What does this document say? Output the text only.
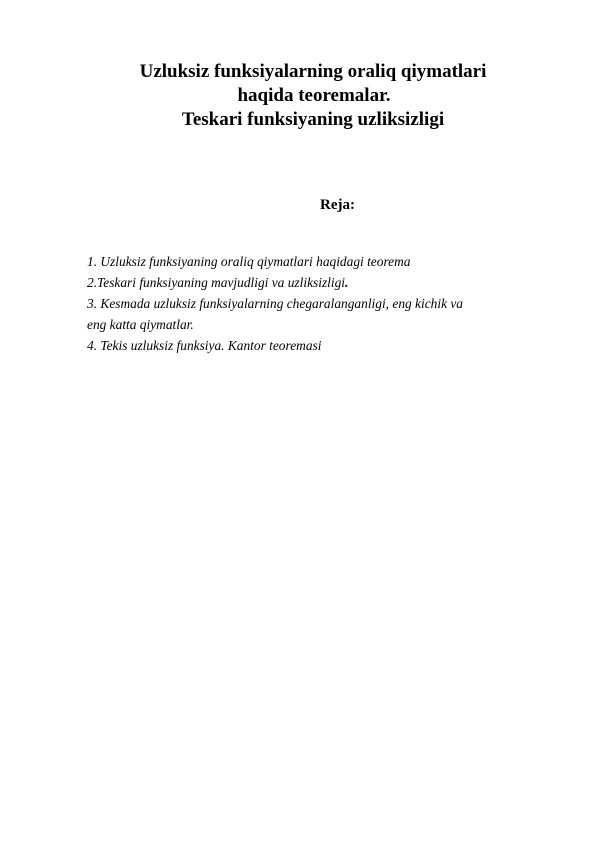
Uzluksiz funksiyalarning oraliq qiymatlari

haqida teoremalar.

Teskari funksiyaning uzliksizligi

Reja:

1. Uzluksiz funksiyaning oraliq qiymatlari haqidagi teorema
2.Teskari funksiyaning mavjudligi va uzliksizligi.
3. Kesmada uzluksiz funksiyalarning chegaralanganligi, eng kichik va
eng katta qiymatlar.
4. Tekis uzluksiz funksiya. Kantor teoremasi
